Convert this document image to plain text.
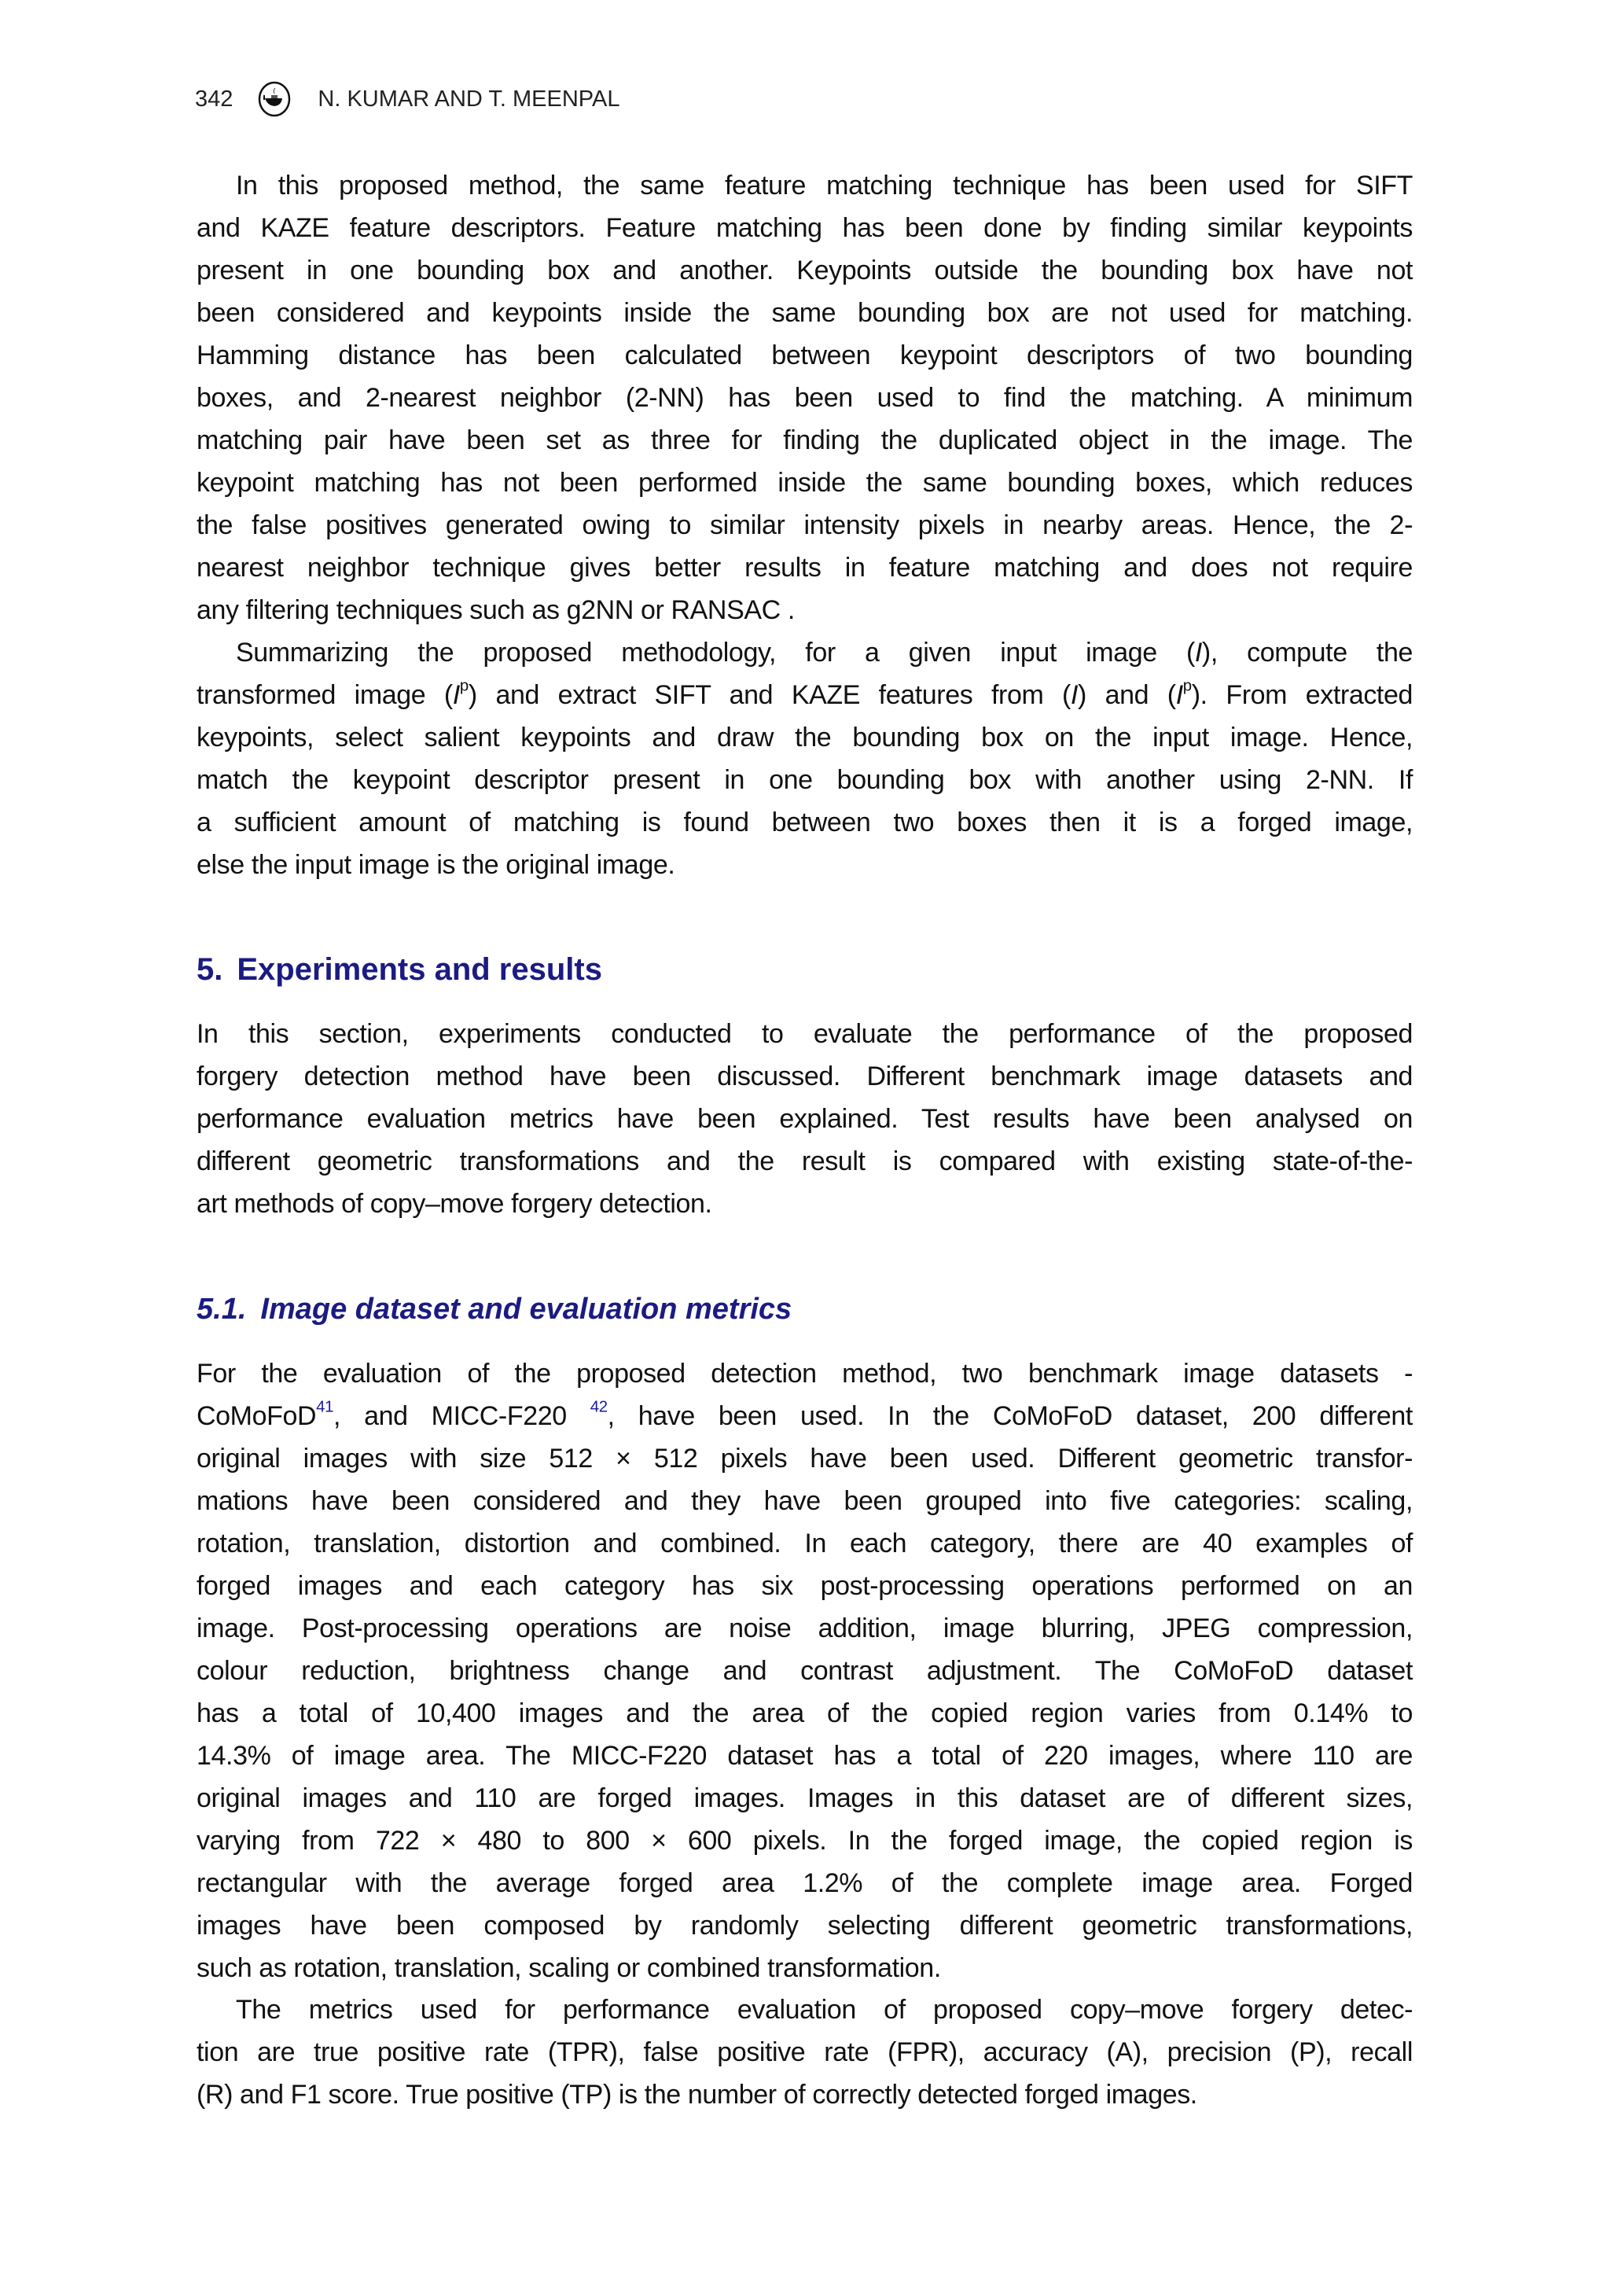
342	N. KUMAR AND T. MEENPAL
In this proposed method, the same feature matching technique has been used for SIFT
and KAZE feature descriptors. Feature matching has been done by finding similar keypoints
present in one bounding box and another. Keypoints outside the bounding box have not
been considered and keypoints inside the same bounding box are not used for matching.
Hamming distance has been calculated between keypoint descriptors of two bounding
boxes, and 2-nearest neighbor (2-NN) has been used to find the matching. A minimum
matching pair have been set as three for finding the duplicated object in the image. The
keypoint matching has not been performed inside the same bounding boxes, which reduces
the false positives generated owing to similar intensity pixels in nearby areas. Hence, the 2-
nearest neighbor technique gives better results in feature matching and does not require
any filtering techniques such as g2NN or RANSAC .
Summarizing the proposed methodology, for a given input image (I), compute the
transformed image $(I^p)$ and extract SIFT and KAZE features from (I) and $(I^p)$. From extracted
keypoints, select salient keypoints and draw the bounding box on the input image. Hence,
match the keypoint descriptor present in one bounding box with another using 2-NN. If
a sufficient amount of matching is found between two boxes then it is a forged image,
else the input image is the original image.
5. Experiments and results
In this section, experiments conducted to evaluate the performance of the proposed
forgery detection method have been discussed. Different benchmark image datasets and
performance evaluation metrics have been explained. Test results have been analysed on
different geometric transformations and the result is compared with existing state-of-the-
art methods of copy–move forgery detection.
5.1. Image dataset and evaluation metrics
For the evaluation of the proposed detection method, two benchmark image datasets -
CoMoFoD$^{41}$, and MICC-F220 $^{42}$, have been used. In the CoMoFoD dataset, 200 different
original images with size 512 × 512 pixels have been used. Different geometric transfor-
mations have been considered and they have been grouped into five categories: scaling,
rotation, translation, distortion and combined. In each category, there are 40 examples of
forged images and each category has six post-processing operations performed on an
image. Post-processing operations are noise addition, image blurring, JPEG compression,
colour reduction, brightness change and contrast adjustment. The CoMoFoD dataset
has a total of 10,400 images and the area of the copied region varies from 0.14% to
14.3% of image area. The MICC-F220 dataset has a total of 220 images, where 110 are
original images and 110 are forged images. Images in this dataset are of different sizes,
varying from 722 × 480 to 800 × 600 pixels. In the forged image, the copied region is
rectangular with the average forged area 1.2% of the complete image area. Forged
images have been composed by randomly selecting different geometric transformations,
such as rotation, translation, scaling or combined transformation.
The metrics used for performance evaluation of proposed copy–move forgery detec-
tion are true positive rate (TPR), false positive rate (FPR), accuracy (A), precision (P), recall
(R) and F1 score. True positive (TP) is the number of correctly detected forged images.
